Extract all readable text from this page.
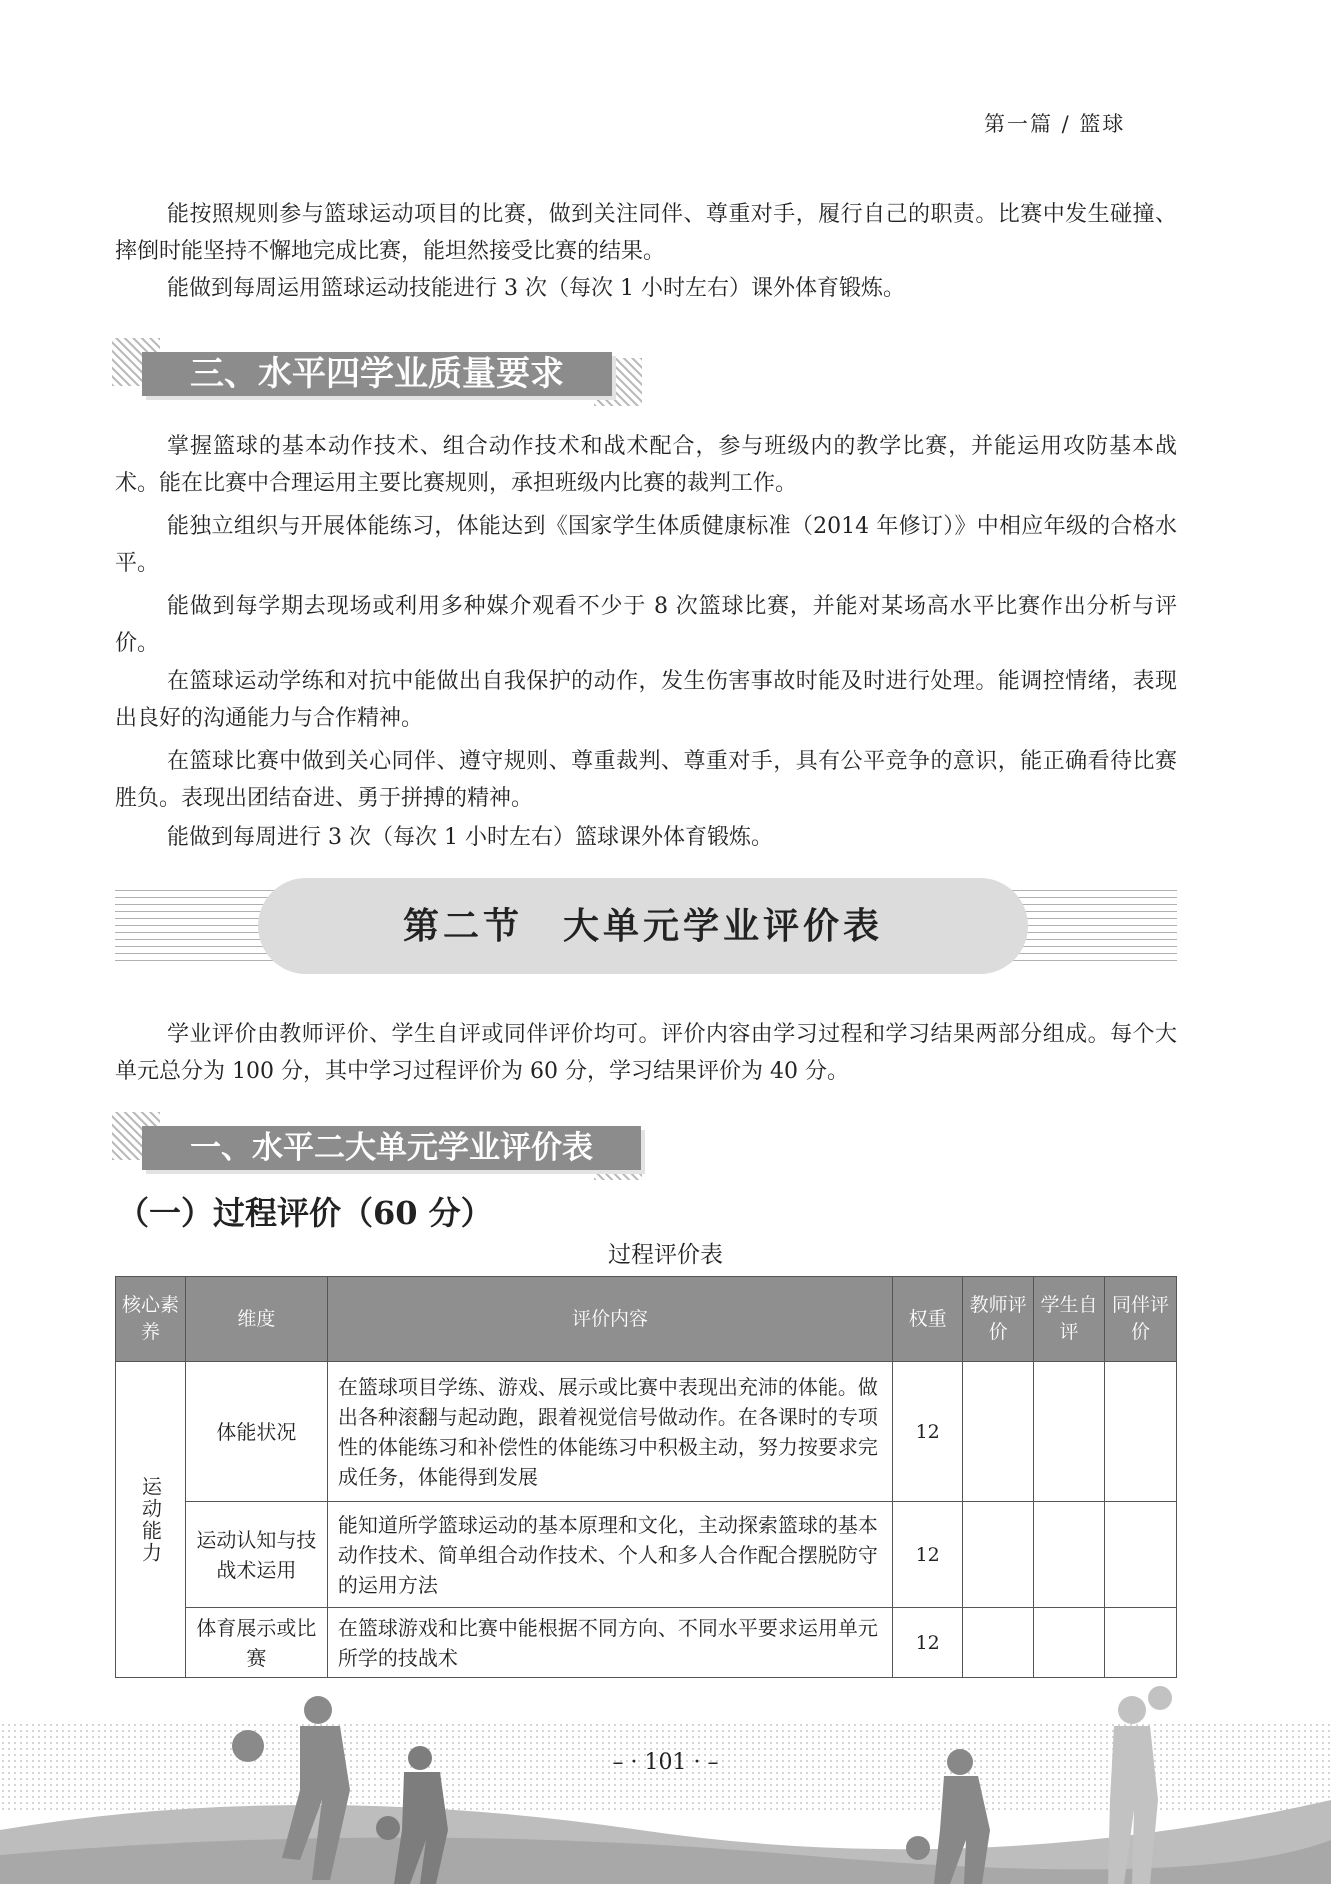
第一篇 / 篮球

能按照规则参与篮球运动项目的比赛，做到关注同伴、尊重对手，履行自己的职责。比赛中发生碰撞、摔倒时能坚持不懈地完成比赛，能坦然接受比赛的结果。

能做到每周运用篮球运动技能进行 3 次（每次 1 小时左右）课外体育锻炼。

三、水平四学业质量要求

掌握篮球的基本动作技术、组合动作技术和战术配合，参与班级内的教学比赛，并能运用攻防基本战术。能在比赛中合理运用主要比赛规则，承担班级内比赛的裁判工作。

能独立组织与开展体能练习，体能达到《国家学生体质健康标准（2014 年修订）》中相应年级的合格水平。

能做到每学期去现场或利用多种媒介观看不少于 8 次篮球比赛，并能对某场高水平比赛作出分析与评价。

在篮球运动学练和对抗中能做出自我保护的动作，发生伤害事故时能及时进行处理。能调控情绪，表现出良好的沟通能力与合作精神。

在篮球比赛中做到关心同伴、遵守规则、尊重裁判、尊重对手，具有公平竞争的意识，能正确看待比赛胜负。表现出团结奋进、勇于拼搏的精神。

能做到每周进行 3 次（每次 1 小时左右）篮球课外体育锻炼。

第二节　大单元学业评价表

学业评价由教师评价、学生自评或同伴评价均可。评价内容由学习过程和学习结果两部分组成。每个大单元总分为 100 分，其中学习过程评价为 60 分，学习结果评价为 40 分。

一、水平二大单元学业评价表
（一）过程评价（60 分）
过程评价表
核心素养	维度	评价内容	权重	教师评价	学生自评	同伴评价

运动能力	体能状况	在篮球项目学练、游戏、展示或比赛中表现出充沛的体能。做出各种滚翻与起动跑，跟着视觉信号做动作。在各课时的专项性的体能练习和补偿性的体能练习中积极主动，努力按要求完成任务，体能得到发展	12			
	运动认知与技战术运用	能知道所学篮球运动的基本原理和文化，主动探索篮球的基本动作技术、简单组合动作技术、个人和多人合作配合摆脱防守的运用方法	12			
	体育展示或比赛	在篮球游戏和比赛中能根据不同方向、不同水平要求运用单元所学的技战术	12			
– · 101 · –
